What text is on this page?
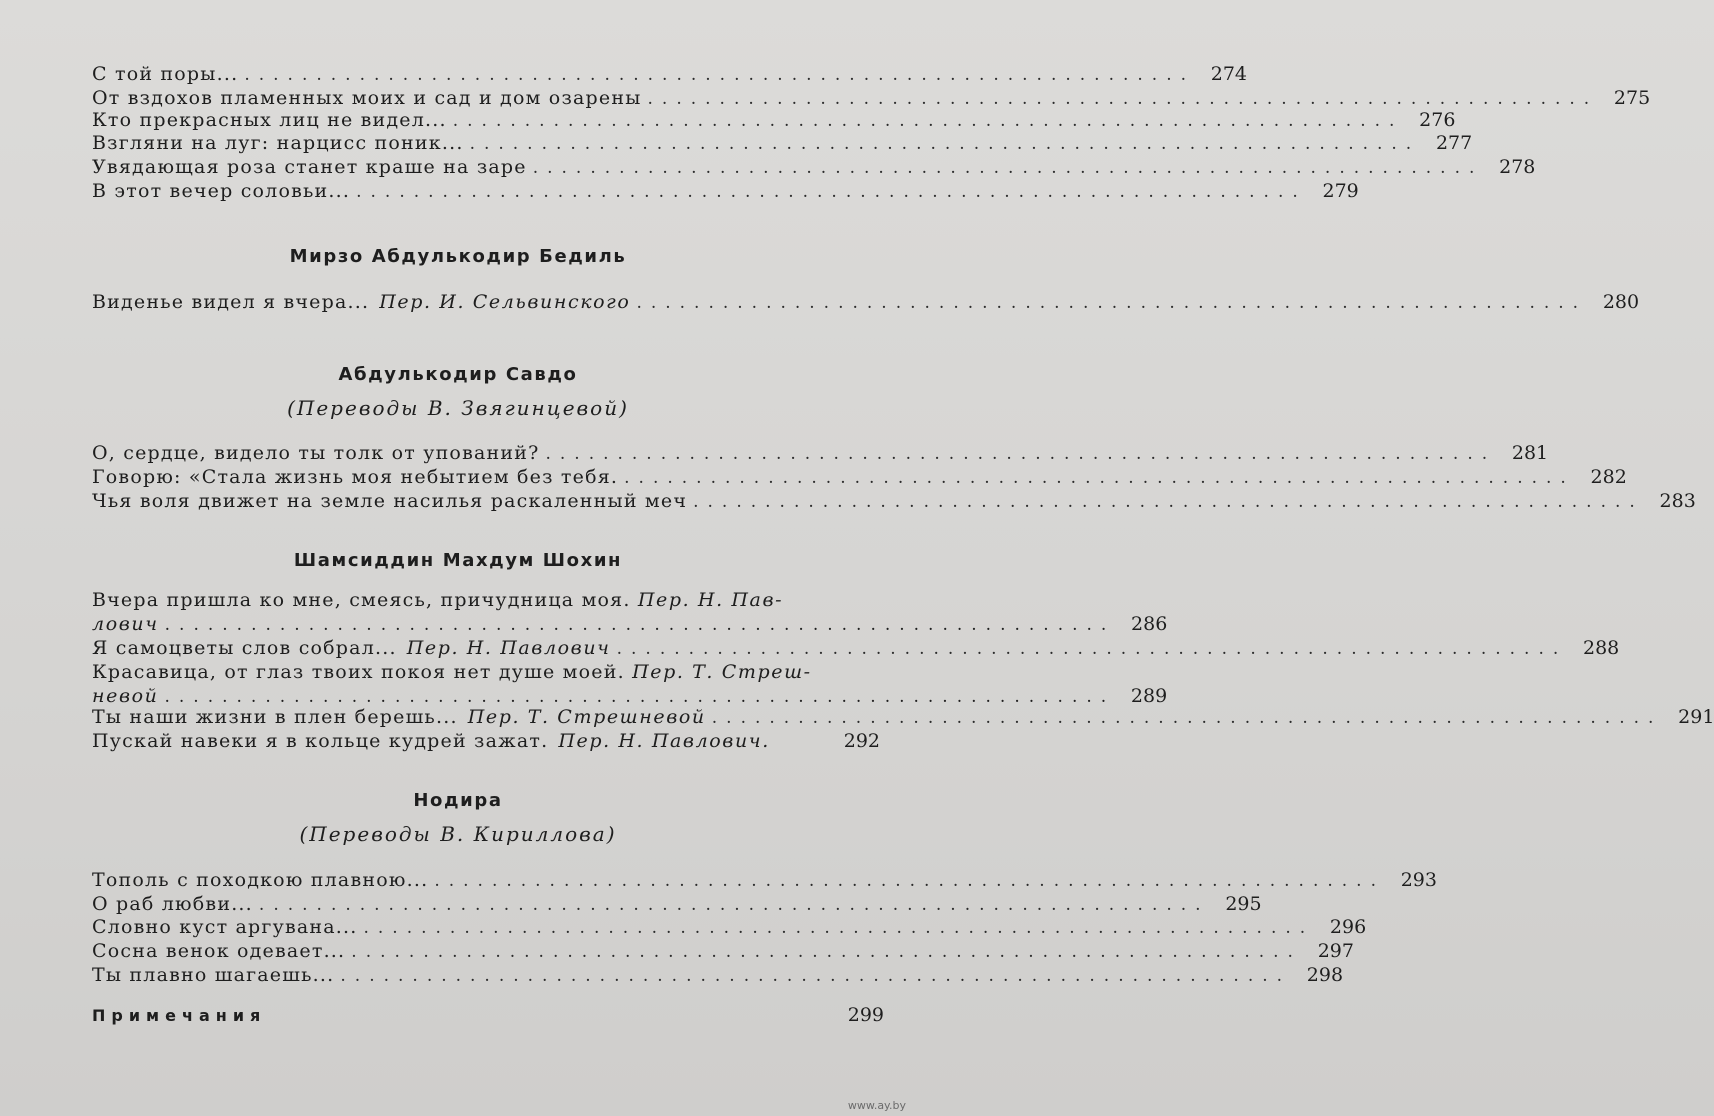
С той поры... .................................................................. 274
От вздохов пламенных моих и сад и дом озарены .................................................................. 275
Кто прекрасных лиц не видел... .................................................................. 276
Взгляни на луг: нарцисс поник... .................................................................. 277
Увядающая роза станет краше на заре .................................................................. 278
В этот вечер соловьи... .................................................................. 279
Мирзо Абдулькодир Бедиль
Виденье видел я вчера... Пер. И. Сельвинского .................................................................. 280
Абдулькодир Савдо
(Переводы В. Звягинцевой)
О, сердце, видело ты толк от упований? .................................................................. 281
Говорю: «Стала жизнь моя небытием без тебя. .................................................................. 282
Чья воля движет на земле насилья раскаленный меч .................................................................. 283
Шамсиддин Махдум Шохин
Вчера пришла ко мне, смеясь, причудница моя. Пер. Н. Пав-
лович .................................................................. 286
Я самоцветы слов собрал... Пер. Н. Павлович .................................................................. 288
Красавица, от глаз твоих покоя нет душе моей. Пер. Т. Стреш-
невой .................................................................. 289
Ты наши жизни в плен берешь... Пер. Т. Стрешневой .................................................................. 291
Пускай навеки я в кольце кудрей зажат. Пер. Н. Павлович.	292
Нодира
(Переводы В. Кириллова)
Тополь с походкою плавною... .................................................................. 293
О раб любви... .................................................................. 295
Словно куст аргувана... .................................................................. 296
Сосна венок одевает... .................................................................. 297
Ты плавно шагаешь... .................................................................. 298
Примечания	299
www.ay.by
